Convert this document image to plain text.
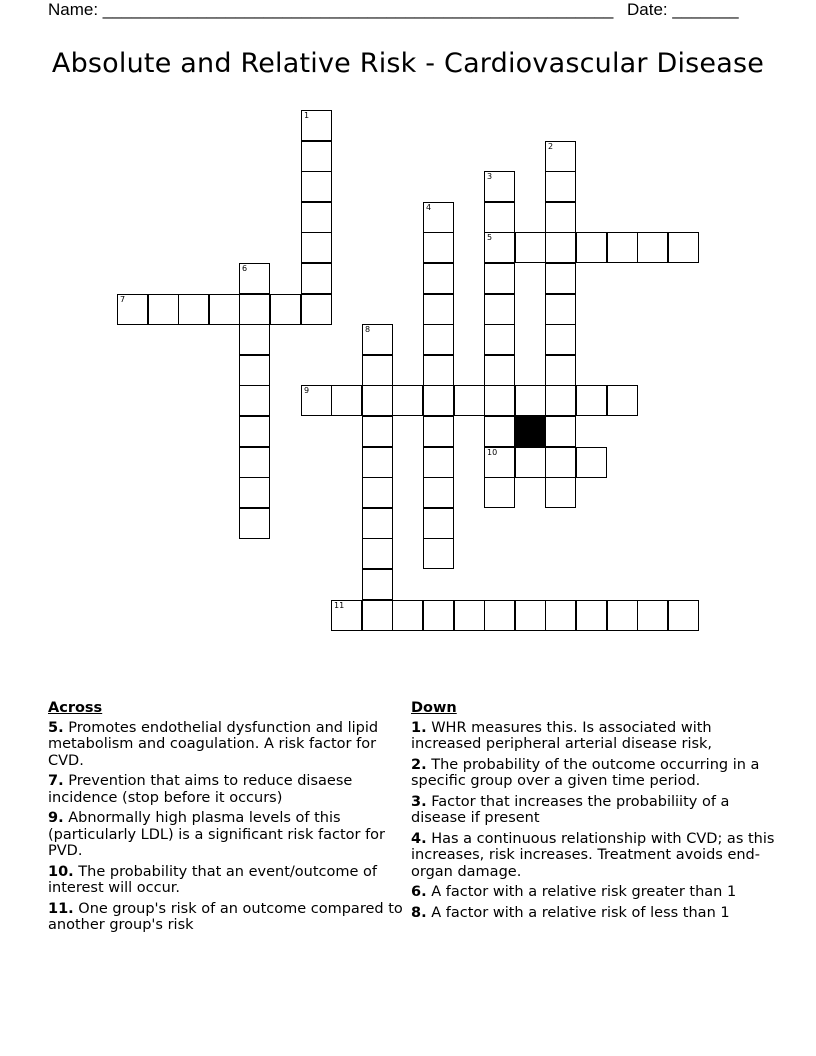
Name: ______________________________________________________ Date: _______
Absolute and Relative Risk - Cardiovascular Disease
1
2
3
5
10
4
6
7
8
9
11
Across
5. Promotes endothelial dysfunction and lipid metabolism and coagulation. A risk factor for CVD.
7. Prevention that aims to reduce disaese incidence (stop before it occurs)
9. Abnormally high plasma levels of this (particularly LDL) is a significant risk factor for PVD.
10. The probability that an event/outcome of interest will occur.
11. One group's risk of an outcome compared to another group's risk
Down
1. WHR measures this. Is associated with increased peripheral arterial disease risk,
2. The probability of the outcome occurring in a specific group over a given time period.
3. Factor that increases the probabiliity of a disease if present
4. Has a continuous relationship with CVD; as this increases, risk increases. Treatment avoids end-organ damage.
6. A factor with a relative risk greater than 1
8. A factor with a relative risk of less than 1
